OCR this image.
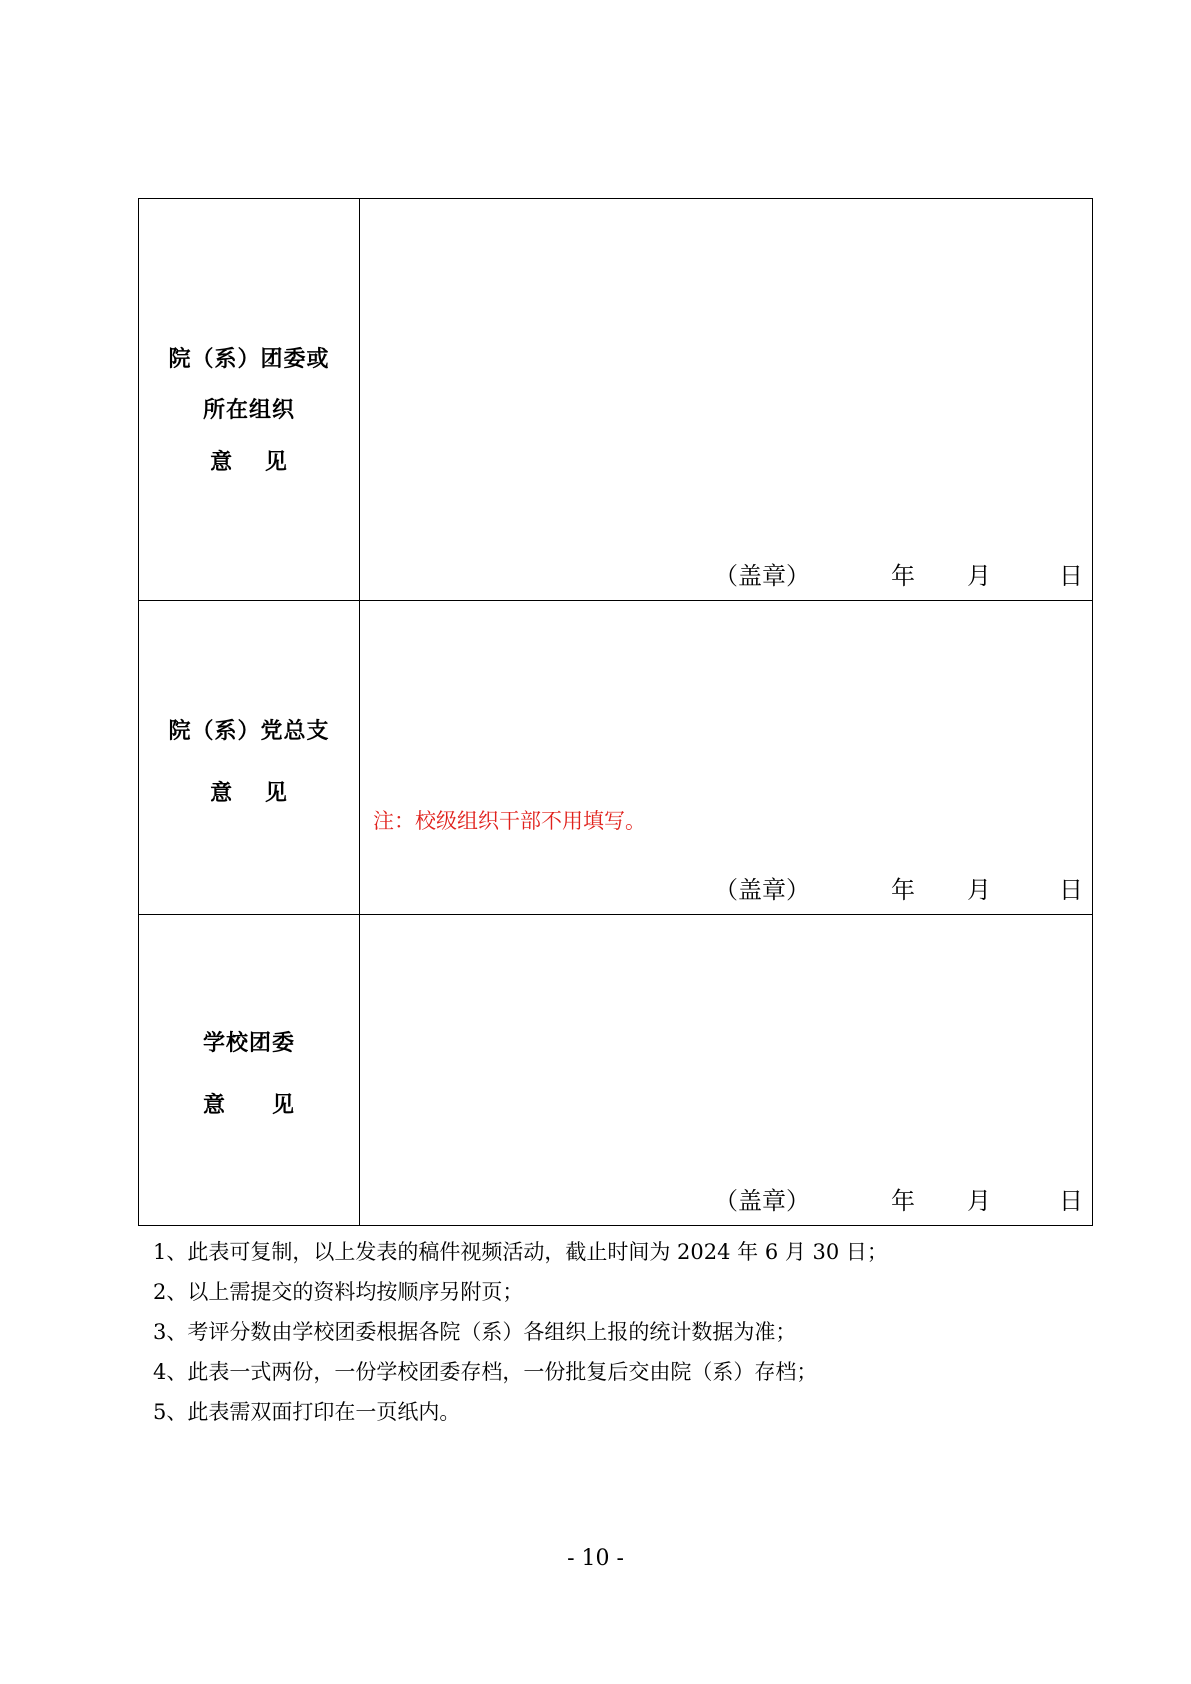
院（系）团委或
所在组织
意　 见
（盖章）	年 月	日
院（系）党总支
意　 见
注：校级组织干部不用填写。
（盖章）	年 月	日
学校团委
意　　见
（盖章）	年 月	日
1、此表可复制，以上发表的稿件视频活动，截止时间为 2024 年 6 月 30 日；
2、以上需提交的资料均按顺序另附页；
3、考评分数由学校团委根据各院（系）各组织上报的统计数据为准；
4、此表一式两份，一份学校团委存档，一份批复后交由院（系）存档；
5、此表需双面打印在一页纸内。
- 10 -
